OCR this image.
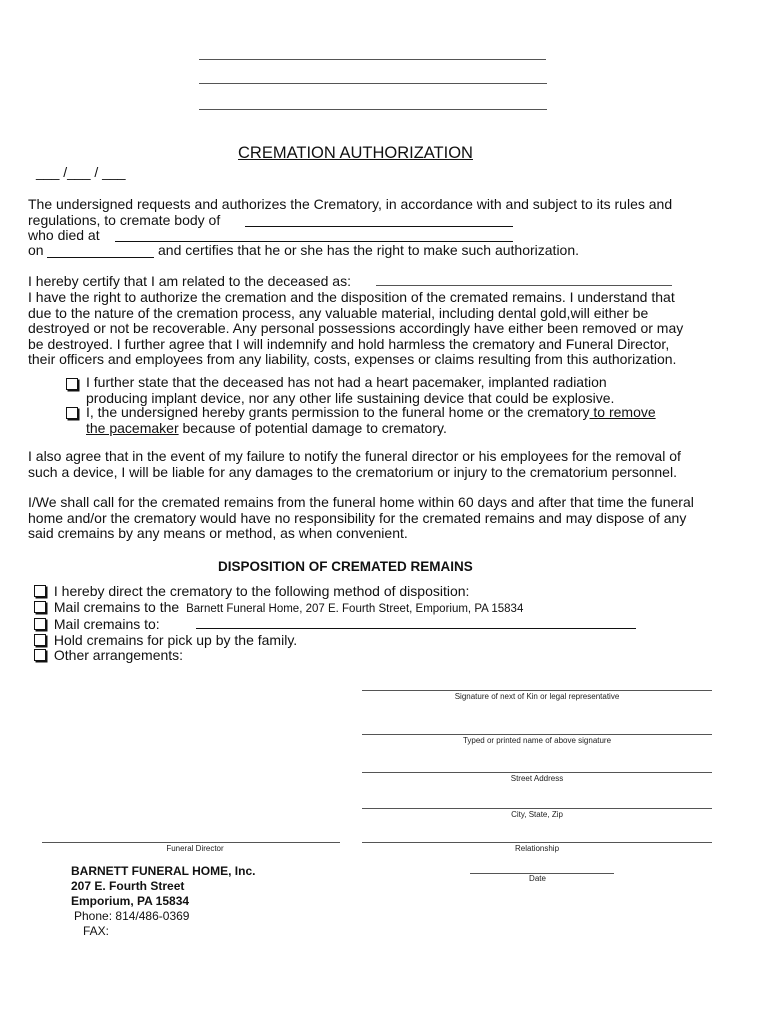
CREMATION AUTHORIZATION
___ /___ / ___
The undersigned requests and authorizes the Crematory, in accordance with and subject to its rules and
regulations, to cremate body of
who died at
on	and certifies that he or she has the right to make such authorization.
I hereby certify that I am related to the deceased as:
I have the right to authorize the cremation and the disposition of the cremated remains. I understand that
due to the nature of the cremation process, any valuable material, including dental gold,will either be
destroyed or not be recoverable. Any personal possessions accordingly have either been removed or may
be destroyed. I further agree that I will indemnify and hold harmless the crematory and Funeral Director,
their officers and employees from any liability, costs, expenses or claims resulting from this authorization.
I further state that the deceased has not had a heart pacemaker, implanted radiation
producing implant device, nor any other life sustaining device that could be explosive.
I, the undersigned hereby grants permission to the funeral home or the crematory to remove
the pacemaker because of potential damage to crematory.
I also agree that in the event of my failure to notify the funeral director or his employees for the removal of
such a device, I will be liable for any damages to the crematorium or injury to the crematorium personnel.
I/We shall call for the cremated remains from the funeral home within 60 days and after that time the funeral
home and/or the crematory would have no responsibility for the cremated remains and may dispose of any
said cremains by any means or method, as when convenient.
DISPOSITION OF CREMATED REMAINS
I hereby direct the crematory to the following method of disposition:
Mail cremains to the Barnett Funeral Home, 207 E. Fourth Street, Emporium, PA 15834
Mail cremains to:
Hold cremains for pick up by the family.
Other arrangements:
Signature of next of Kin or legal representative
Typed or printed name of above signature
Street Address
City, State, Zip
Relationship
Date
Funeral Director
BARNETT FUNERAL HOME, Inc.
207 E. Fourth Street
Emporium, PA 15834
Phone: 814/486-0369
FAX:
